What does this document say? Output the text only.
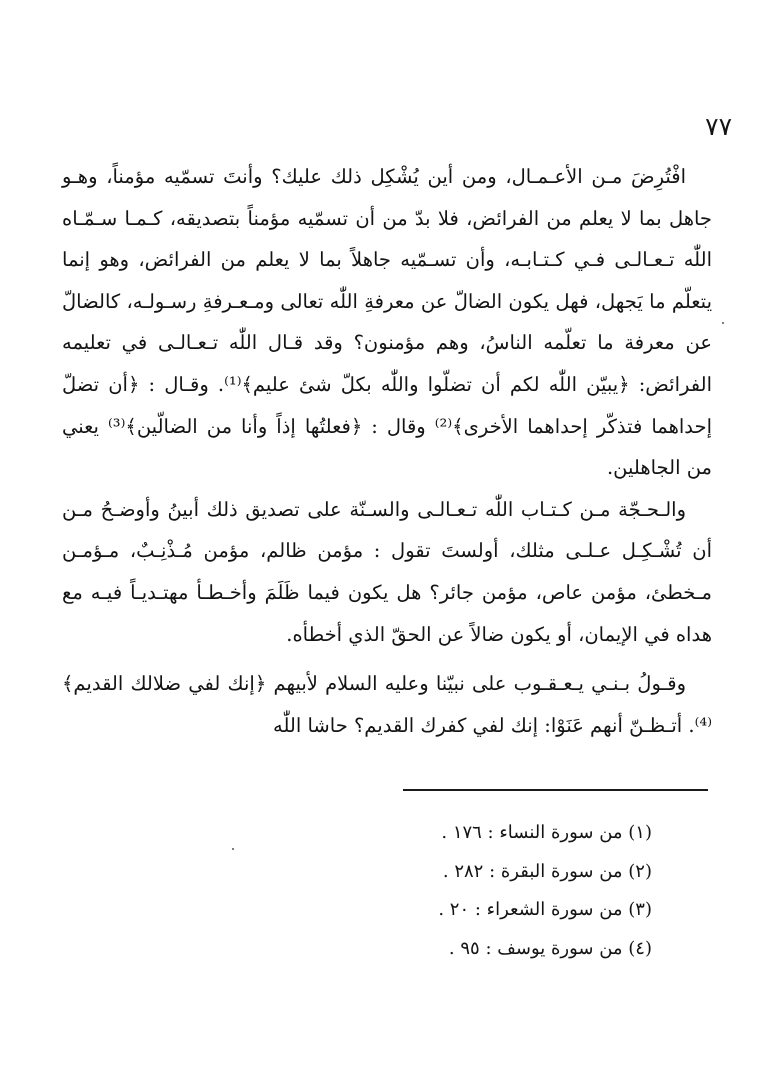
٧٧

افْتُرِضَ مـن الأعـمـال، ومن أين يُشْكِل ذلك عليك؟ وأنتَ تسمّيه مؤمناً، وهـو جاهل بما لا يعلم من الفرائض، فلا بدّ من أن تسمّيه مؤمناً بتصديقه، كـمـا سـمّـاه اللّٰه تـعـالـى فـي كـتـابـه، وأن تسـمّيه جاهلاً بما لا يعلم من الفرائض، وهو إنما يتعلّم ما يَجهل، فهل يكون الضالّ عن معرفةِ اللّٰه تعالى ومـعـرفةِ رسـولـه، كالضالّ عن معرفة ما تعلّمه الناسُ، وهم مؤمنون؟ وقد قـال اللّٰه تـعـالـى في تعليمه الفرائض: ﴿يبيّن اللّٰه لكم أن تضلّوا واللّٰه بكلّ شئ عليم﴾⁽¹⁾. وقـال : ﴿أن تضلّ إحداهما فتذكّر إحداهما الأخرى﴾⁽²⁾ وقال : ﴿فعلتُها إذاً وأنا من الضالّين﴾⁽³⁾ يعني من الجاهلين.

والـحـجّة مـن كـتـاب اللّٰه تـعـالـى والسـنّة على تصديق ذلك أبينُ وأوضـحُ مـن أن تُشْـكِـل عـلـى مثلك، أولستَ تقول : مؤمن ظالم، مؤمن مُـذْنِـبٌ، مـؤمـن مـخطئ، مؤمن عاص، مؤمن جائر؟ هل يكون فيما ظَلَمَ وأخـطـأ مهتـديـاً فيـه مع هداه في الإيمان، أو يكون ضالاً عن الحقّ الذي أخطأه.

وقـولُ بـنـي يـعـقـوب على نبيّنا وعليه السلام لأبيهم ﴿إنك لفي ضلالك القديم﴾⁽⁴⁾. أتـظـنّ أنهم عَنَوْا: إنك لفي كفرك القديم؟ حاشا اللّٰه

(١) من سورة النساء : ١٧٦ .
(٢) من سورة البقرة : ٢٨٢ .
(٣) من سورة الشعراء : ٢٠ .
(٤) من سورة يوسف : ٩٥ .
